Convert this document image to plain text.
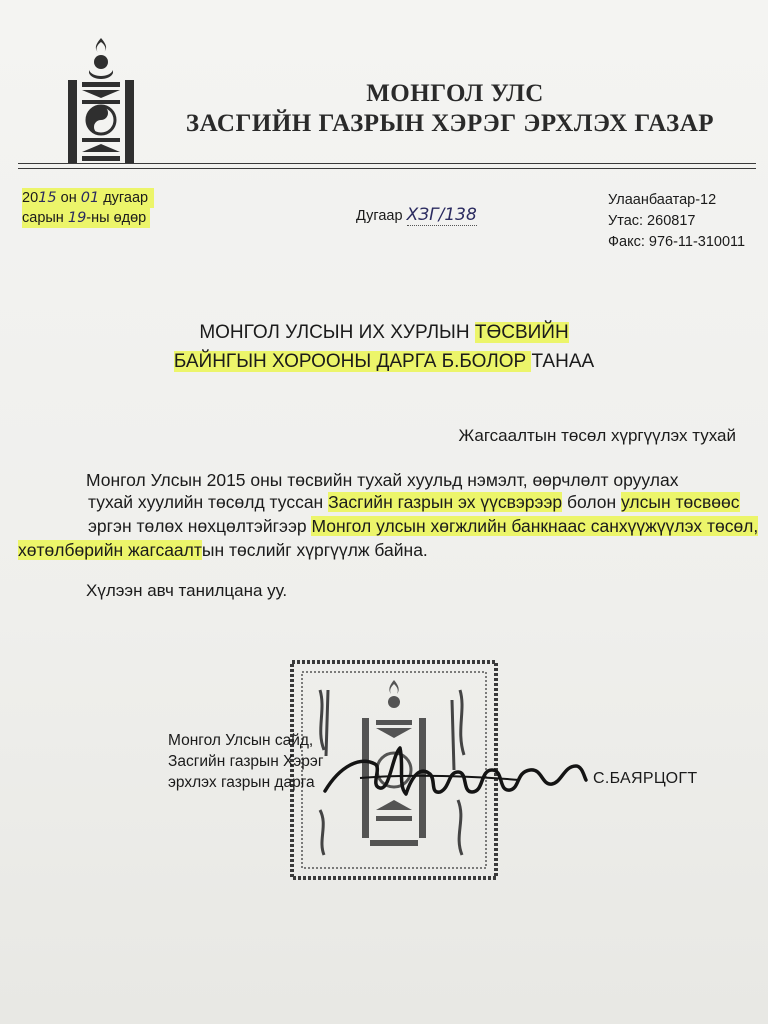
МОНГОЛ УЛС
ЗАСГИЙН ГАЗРЫН ХЭРЭГ ЭРХЛЭХ ГАЗАР
2015 он 01 дугаар
сарын 19-ны өдөр	Дугаар ХЗГ/138
Улаанбаатар-12
Утас: 260817
Факс: 976-11-310011
МОНГОЛ УЛСЫН ИХ ХУРЛЫН ТӨСВИЙН
БАЙНГЫН ХОРООНЫ ДАРГА Б.БОЛОР ТАНАА
Жагсаалтын төсөл хүргүүлэх тухай
Монгол Улсын 2015 оны төсвийн тухай хуульд нэмэлт, өөрчлөлт оруулах
тухай хуулийн төсөлд туссан Засгийн газрын эх үүсвэрээр болон улсын төсвөөс
эргэн төлөх нөхцөлтэйгээр Монгол улсын хөгжлийн банкнаас санхүүжүүлэх төсөл,
хөтөлбөрийн жагсаалтын төслийг хүргүүлж байна.
Хүлээн авч танилцана уу.
Монгол Улсын сайд,
Засгийн газрын Хэрэг
эрхлэх газрын дарга	С.БАЯРЦОГТ
